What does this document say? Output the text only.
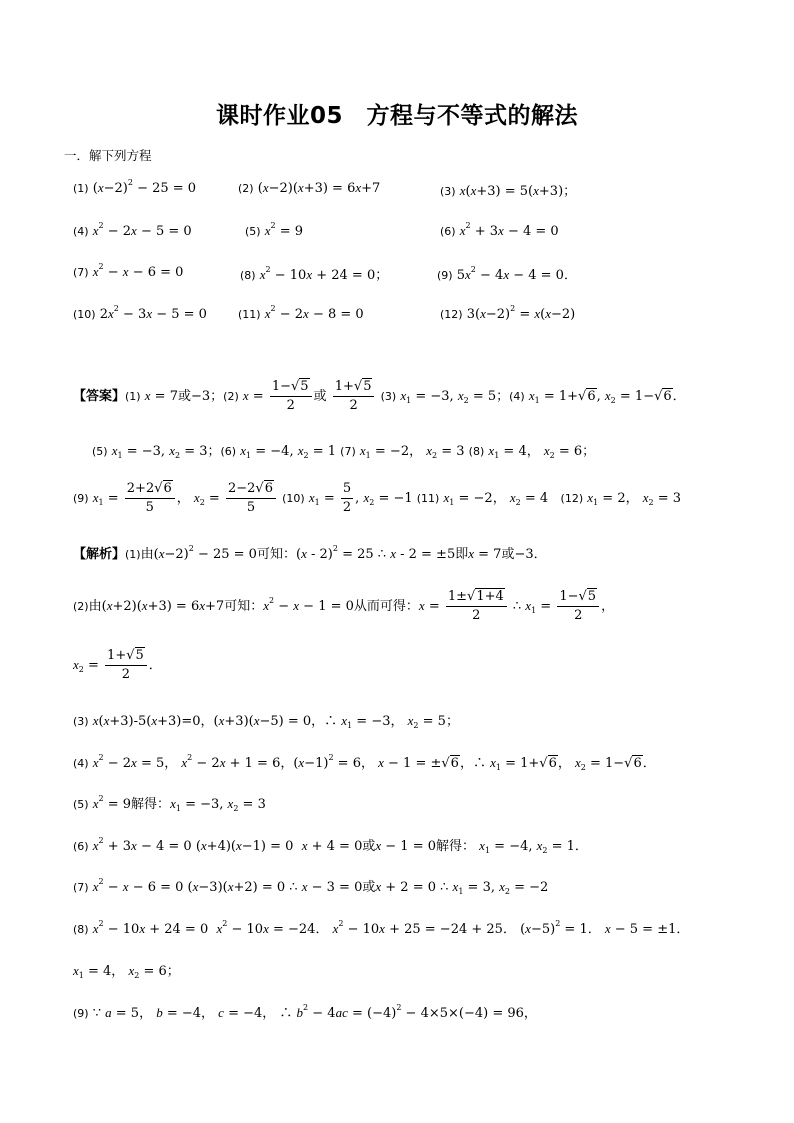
课时作业05　方程与不等式的解法
一．解下列方程
(1) $(x-2)^2 - 25 = 0$	(2) (x−2)(x+3) = 6x+7	(3) x(x+3) = 5(x+3)；
(4) $x^2 - 2x - 5 = 0$	(5) $x^2 = 9$	(6) $x^2 + 3x - 4 = 0$
(7) $x^2 - x - 6 = 0$	(8) $x^2 - 10x + 24 = 0$；	(9) $5x^2 - 4x - 4 = 0$．
(10) $2x^2 - 3x - 5 = 0$	(11) $x^2 - 2x - 8 = 0$	(12) $3(x-2)^2 = x(x-2)$
【答案】(1) x = 7或−3；(2) $x = \frac{1-√5}{2}$ 或 $\frac{1+√5}{2} (3) x_1 = -3$, $x_2 = 5$；(4) $x_1 = 1+√6$, $x_2 = 1-√6$．
(5) $x_1 = -3$, $x_2 = 3$；(6) $x_1 = -4$, $x_2 = 1$ (7) $x_1 = -2$， $x_2 = 3$ (8) $x_1 = 4$， $x_2 = 6$；
(9) $x_1 = \frac{2+2√6}{5}$ ， $x_2 = \frac{2-2√6}{5} (10) x_1 = \frac{5}{2}$ , $x_2 = -1$ (11) $x_1 = -2$， $x_2 = 4$   (12) $x_1 = 2$， $x_2 = 3$
【解析】(1)由$(x-2)^2 - 25 = 0$可知：(x - 2)$^2$ = 25 ∴ x - 2 = ±5即x = 7或−3．
(2)由(x+2)(x+3) = 6x+7可知：$x^2 - x - 1 = 0$从而可得：$x = \frac{1\pm√1+4}{2}$ ∴ $x_1 = \frac{1-√5}{2}$ ，
$x_2 = \frac{1+√5}{2}$ ．
(3) x(x+3)-5(x+3)=0，(x+3)(x−5) = 0，∴ $x_1 = -3$， $x_2 = 5$；
(4) $x^2 - 2x = 5$， $x^2 - 2x + 1 = 6$，$(x-1)^2 = 6$， x − 1 = ±√6，∴ $x_1 = 1+√6$， $x_2 = 1-√6$．
(5) $x^2 = 9$解得：$x_1 = -3$, $x_2 = 3$
(6) $x^2 + 3x - 4 = 0$ (x+4)(x−1) = 0  x + 4 = 0或x − 1 = 0解得： $x_1 = -4$, $x_2 = 1$．
(7) $x^2 - x - 6 = 0$ (x−3)(x+2) = 0 ∴ x − 3 = 0或x + 2 = 0 ∴ $x_1 = 3$, $x_2 = -2$
(8) $x^2 - 10x + 24 = 0$  $x^2 - 10x = -24$． $x^2 - 10x + 25 = -24 + 25$． $(x-5)^2 = 1$． x − 5 = ±1．
$x_1 = 4$， $x_2 = 6$；
(9) ∵ a = 5， b = −4， c = −4， ∴ $b^2 - 4ac = (-4)^2 - 4\times 5\times(-4) = 96$，
